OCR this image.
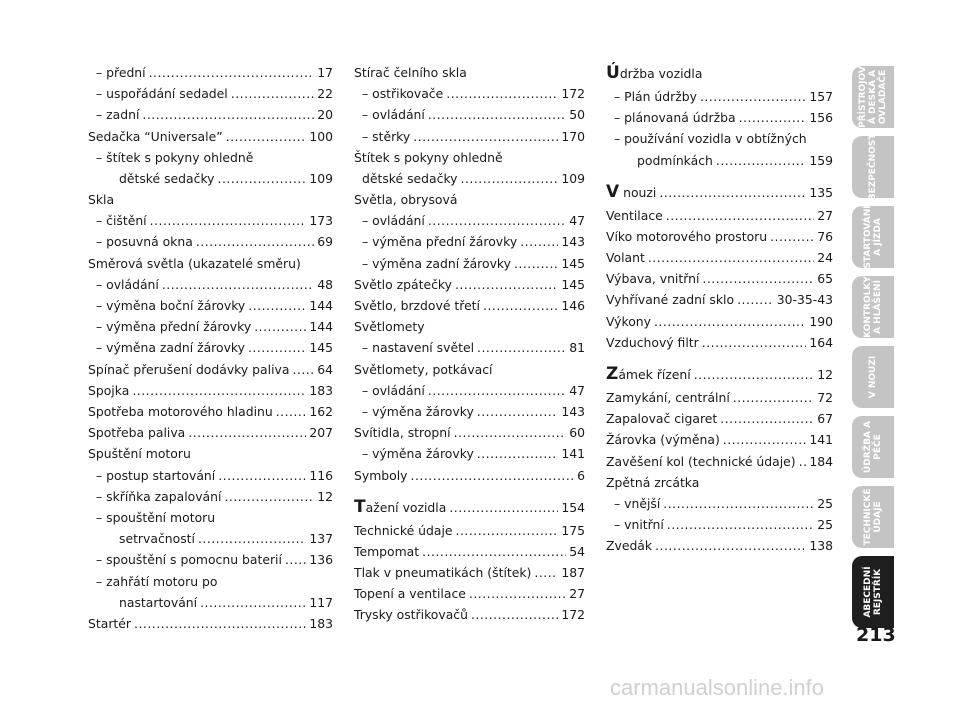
– přední .....	17
– uspořádání sedadel .....	22
– zadní .....	20
Sedačka “Universale” .....	100
– štítek s pokyny ohledně
dětské sedačky .....	109
Skla
– čištění .....	173
– posuvná okna .....	69
Směrová světla (ukazatelé směru)
– ovládání .....	48
– výměna boční žárovky .....	144
– výměna přední žárovky .....	144
– výměna zadní žárovky .....	145
Spínač přerušení dodávky paliva ..... 64
Spojka .....	183
Spotřeba motorového hladinu .....	162
Spotřeba paliva .....	207
Spuštění motoru
– postup startování .....	116
– skříňka zapalování .....	12
– spouštění motoru
setrvačností .....	137
– spouštění s pomocnu baterií ..... 136
– zahřátí motoru po
nastartování .....	117
Startér .....	183
Stírač čelního skla
– ostřikovače .....	172
– ovládání .....	50
– stěrky .....	170
Štítek s pokyny ohledně
dětské sedačky .....	109
Světla, obrysová
– ovládání .....	47
– výměna přední žárovky .....	143
– výměna zadní žárovky .....	145
Světlo zpátečky .....	145
Světlo, brzdové třetí .....	146
Světlomety
– nastavení světel .....	81
Světlomety, potkávací
– ovládání .....	47
– výměna žárovky .....	143
Svítidla, stropní .....	60
– výměna žárovky .....	141
Symboly .....	6
Tažení vozidla .....	154
Technické údaje .....	175
Tempomat .....	54
Tlak v pneumatikách (štítek) ..... 187
Topení a ventilace .....	27
Trysky ostřikovačů .....	172
Údržba vozidla
– Plán údržby .....	157
– plánovaná údržba .....	156
– používání vozidla v obtížných
podmínkách .....	159
V nouzi .....	135
Ventilace .....	27
Víko motorového prostoru .....	76
Volant .....	24
Výbava, vnitřní .....	65
Vyhřívané zadní sklo .....	30-35-43
Výkony .....	190
Vzduchový filtr .....	164
Zámek řízení .....	12
Zamykání, centrální .....	72
Zapalovač cigaret .....	67
Žárovka (výměna) .....	141
Zavěšení kol (technické údaje) ..... 184
Zpětná zrcátka
– vnější .....	25
– vnitřní .....	25
Zvedák .....	138
PŘÍSTROJOV Á DESKA A OVLADAČE
BEZPEČNOST
STARTOVÁNÍ A JÍZDA
KONTROLKY A HLÁŠENÍ
V NOUZI
ÚDRŽBA A PÉČE
TECHNICKÉ ÚDAJE
ABECEDNÍ REJSTŘÍK
213
carmanualsonline.info
